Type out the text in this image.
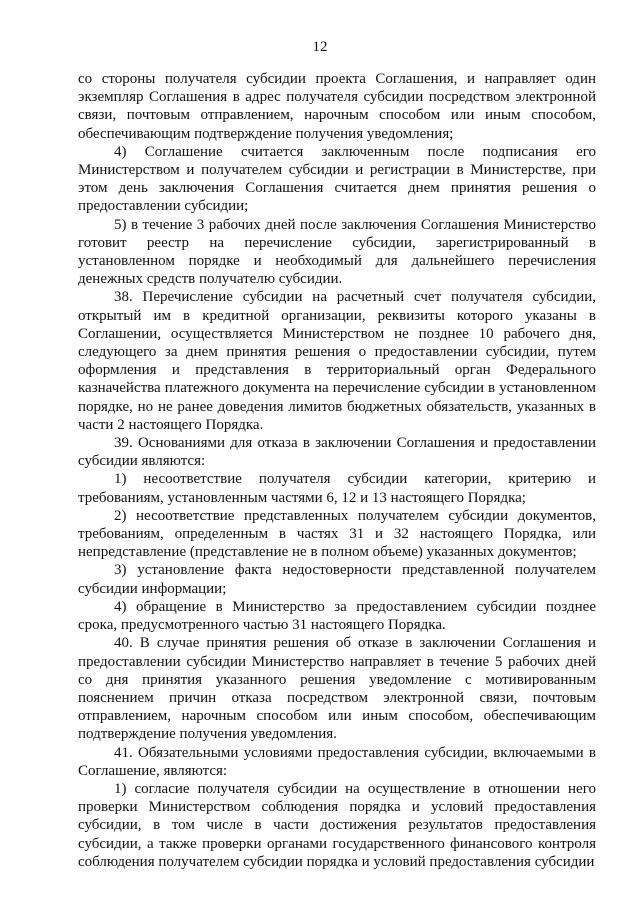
12

со стороны получателя субсидии проекта Соглашения, и направляет один экземпляр Соглашения в адрес получателя субсидии посредством электронной связи, почтовым отправлением, нарочным способом или иным способом, обеспечивающим подтверждение получения уведомления;

4) Соглашение считается заключенным после подписания его Министерством и получателем субсидии и регистрации в Министерстве, при этом день заключения Соглашения считается днем принятия решения о предоставлении субсидии;

5) в течение 3 рабочих дней после заключения Соглашения Министерство готовит реестр на перечисление субсидии, зарегистрированный в установленном порядке и необходимый для дальнейшего перечисления денежных средств получателю субсидии.

38. Перечисление субсидии на расчетный счет получателя субсидии, открытый им в кредитной организации, реквизиты которого указаны в Соглашении, осуществляется Министерством не позднее 10 рабочего дня, следующего за днем принятия решения о предоставлении субсидии, путем оформления и представления в территориальный орган Федерального казначейства платежного документа на перечисление субсидии в установленном порядке, но не ранее доведения лимитов бюджетных обязательств, указанных в части 2 настоящего Порядка.

39. Основаниями для отказа в заключении Соглашения и предоставлении субсидии являются:

1) несоответствие получателя субсидии категории, критерию и требованиям, установленным частями 6, 12 и 13 настоящего Порядка;

2) несоответствие представленных получателем субсидии документов, требованиям, определенным в частях 31 и 32 настоящего Порядка, или непредставление (представление не в полном объеме) указанных документов;

3) установление факта недостоверности представленной получателем субсидии информации;

4) обращение в Министерство за предоставлением субсидии позднее срока, предусмотренного частью 31 настоящего Порядка.

40. В случае принятия решения об отказе в заключении Соглашения и предоставлении субсидии Министерство направляет в течение 5 рабочих дней со дня принятия указанного решения уведомление с мотивированным пояснением причин отказа посредством электронной связи, почтовым отправлением, нарочным способом или иным способом, обеспечивающим подтверждение получения уведомления.

41. Обязательными условиями предоставления субсидии, включаемыми в Соглашение, являются:

1) согласие получателя субсидии на осуществление в отношении него проверки Министерством соблюдения порядка и условий предоставления субсидии, в том числе в части достижения результатов предоставления субсидии, а также проверки органами государственного финансового контроля соблюдения получателем субсидии порядка и условий предоставления субсидии
